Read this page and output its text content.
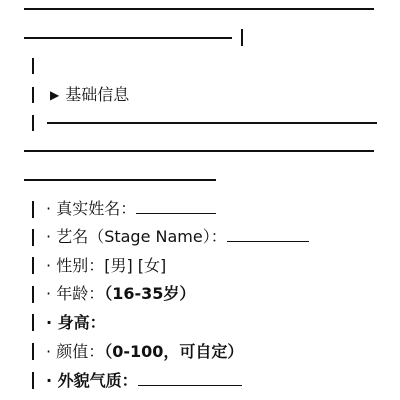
▶ 基础信息
· 真实姓名：
· 艺名（Stage Name）：
· 性别：[男] [女]
· 年龄：（16-35岁）
· 身高：
· 颜值：（0-100，可自定）
· 外貌气质：
